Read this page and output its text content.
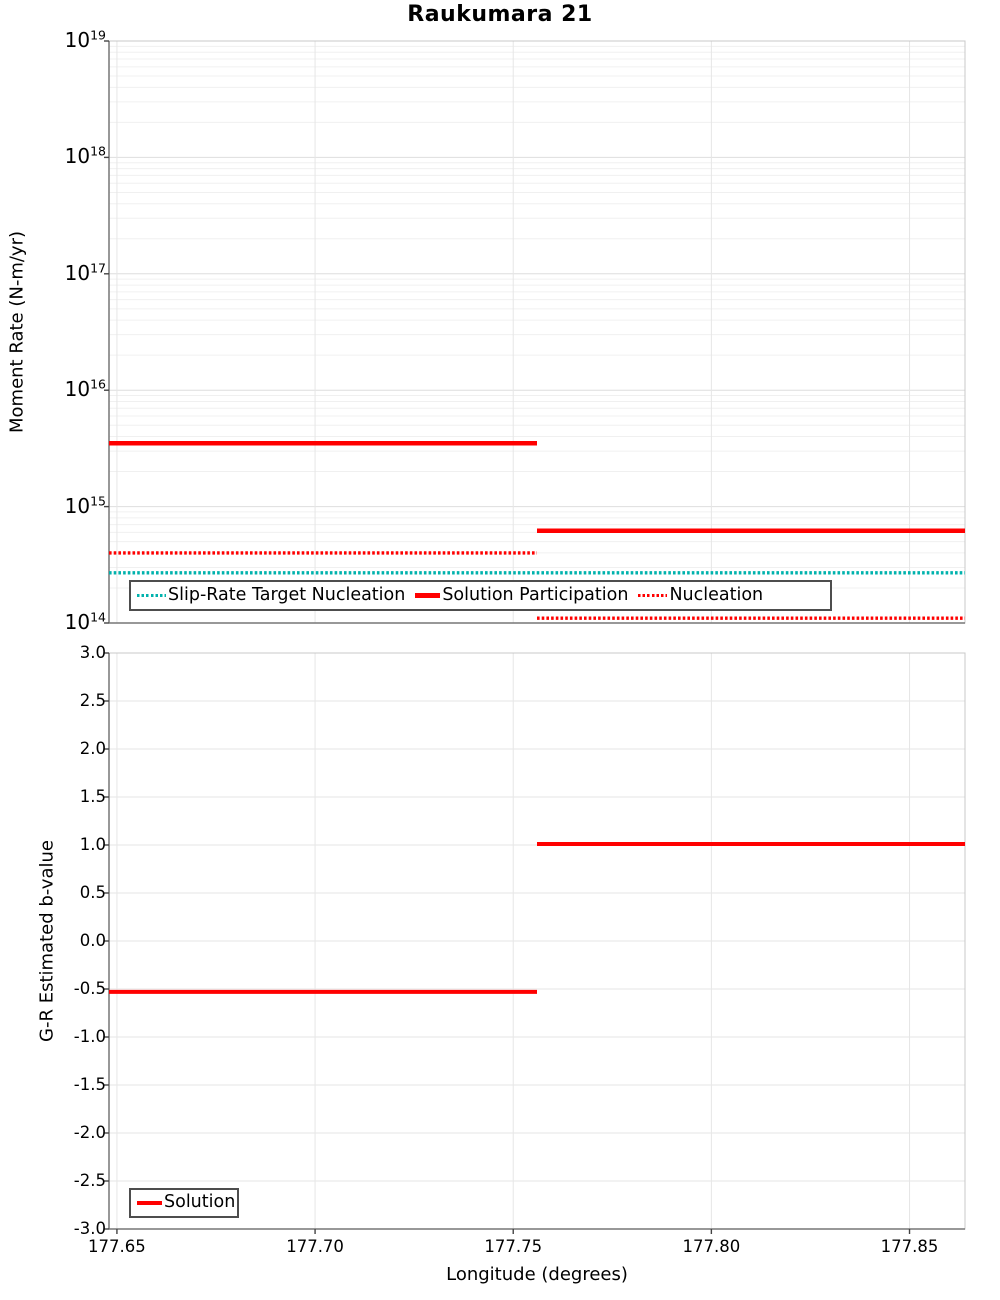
Raukumara 21
Moment Rate (N-m/yr)
G-R Estimated b-value
Longitude (degrees)
$10^{19}$
$10^{18}$
$10^{17}$
$10^{16}$
$10^{15}$
$10^{14}$
3.0
2.5
2.0
1.5
1.0
0.5
0.0
-0.5
-1.0
-1.5
-2.0
-2.5
-3.0
177.65	177.70	177.75	177.80	177.85
Slip-Rate Target Nucleation Solution Participation Nucleation
Solution
